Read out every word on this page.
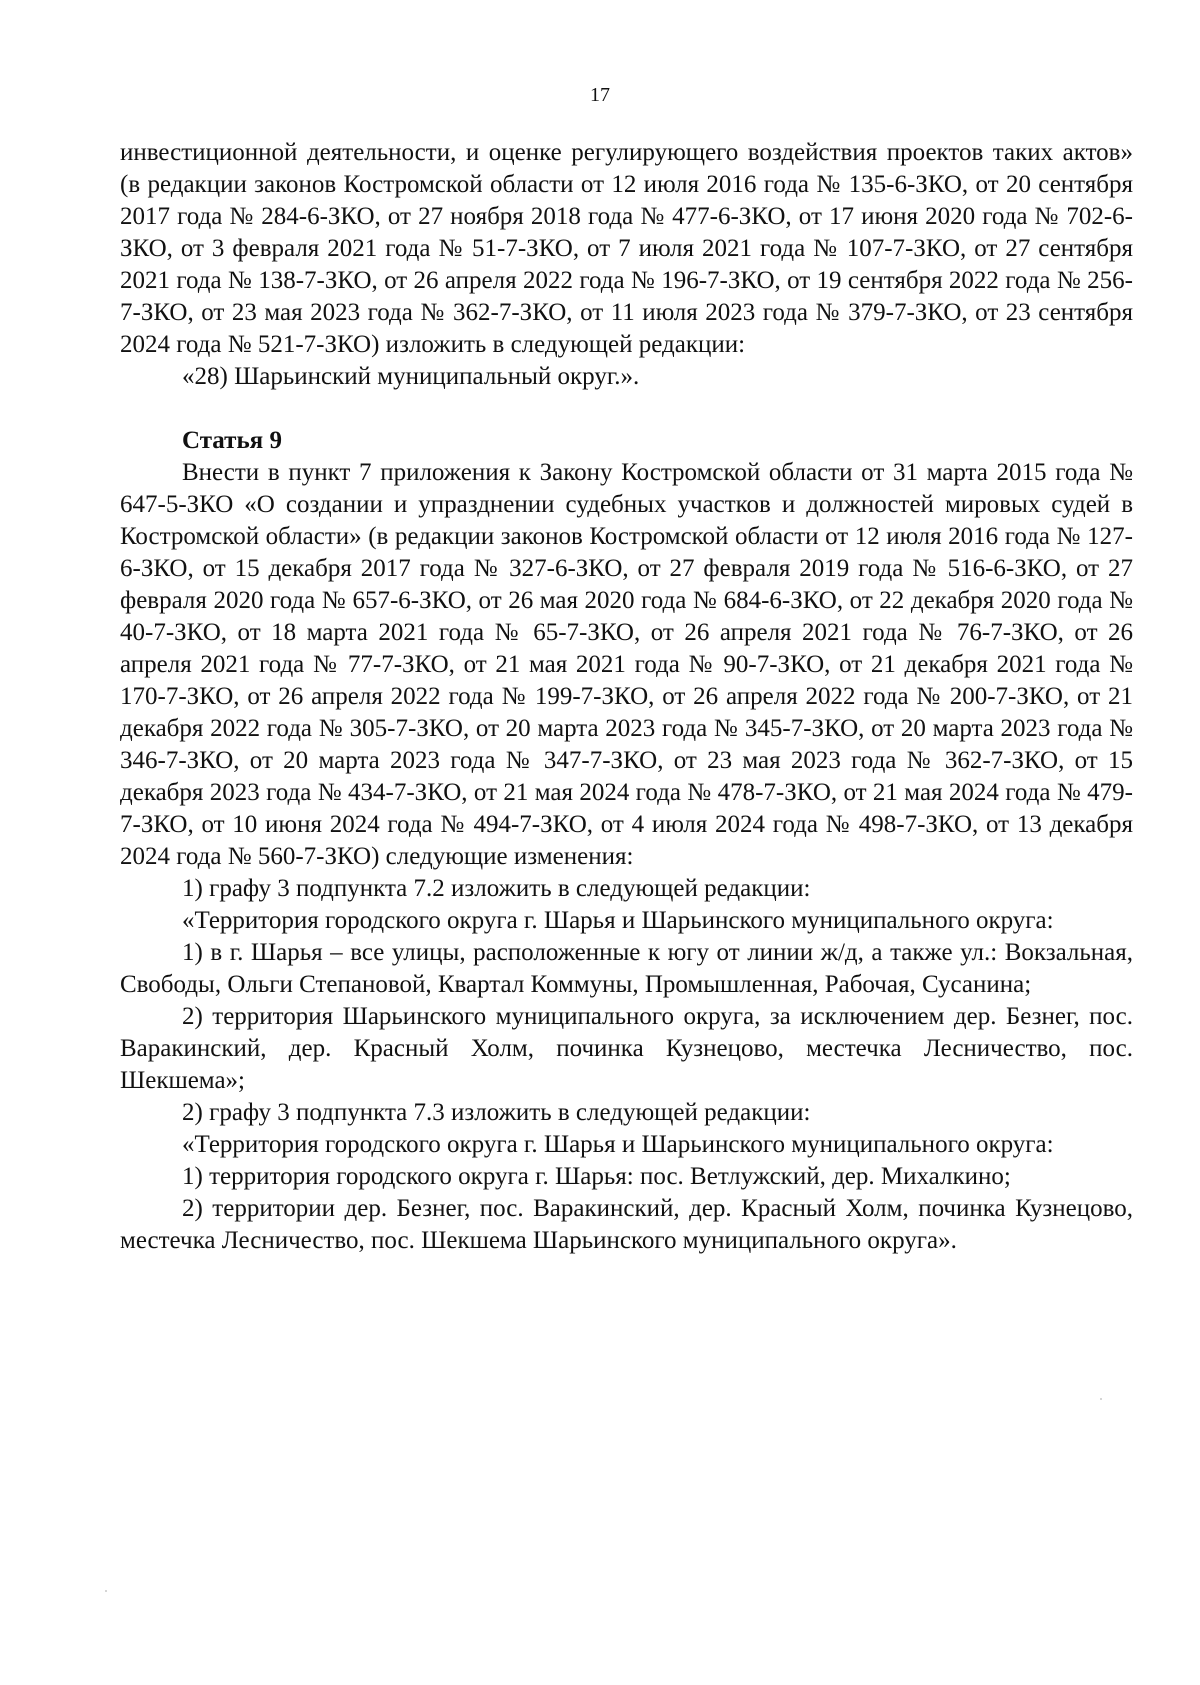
17

инвестиционной деятельности, и оценке регулирующего воздействия проектов таких актов» (в редакции законов Костромской области от 12 июля 2016 года № 135-6-ЗКО, от 20 сентября 2017 года № 284-6-ЗКО, от 27 ноября 2018 года № 477-6-ЗКО, от 17 июня 2020 года № 702-6-ЗКО, от 3 февраля 2021 года № 51-7-ЗКО, от 7 июля 2021 года № 107-7-ЗКО, от 27 сентября 2021 года № 138-7-ЗКО, от 26 апреля 2022 года № 196-7-ЗКО, от 19 сентября 2022 года № 256-7-ЗКО, от 23 мая 2023 года № 362-7-ЗКО, от 11 июля 2023 года № 379-7-ЗКО, от 23 сентября 2024 года № 521-7-ЗКО) изложить в следующей редакции:

«28) Шарьинский муниципальный округ.».

Статья 9

Внести в пункт 7 приложения к Закону Костромской области от 31 марта 2015 года № 647-5-ЗКО «О создании и упразднении судебных участков и должностей мировых судей в Костромской области» (в редакции законов Костромской области от 12 июля 2016 года № 127-6-ЗКО, от 15 декабря 2017 года № 327-6-ЗКО, от 27 февраля 2019 года № 516-6-ЗКО, от 27 февраля 2020 года № 657-6-ЗКО, от 26 мая 2020 года № 684-6-ЗКО, от 22 декабря 2020 года № 40-7-ЗКО, от 18 марта 2021 года № 65-7-ЗКО, от 26 апреля 2021 года № 76-7-ЗКО, от 26 апреля 2021 года № 77-7-ЗКО, от 21 мая 2021 года № 90-7-ЗКО, от 21 декабря 2021 года № 170-7-ЗКО, от 26 апреля 2022 года № 199-7-ЗКО, от 26 апреля 2022 года № 200-7-ЗКО, от 21 декабря 2022 года № 305-7-ЗКО, от 20 марта 2023 года № 345-7-ЗКО, от 20 марта 2023 года № 346-7-ЗКО, от 20 марта 2023 года № 347-7-ЗКО, от 23 мая 2023 года № 362-7-ЗКО, от 15 декабря 2023 года № 434-7-ЗКО, от 21 мая 2024 года № 478-7-ЗКО, от 21 мая 2024 года № 479-7-ЗКО, от 10 июня 2024 года № 494-7-ЗКО, от 4 июля 2024 года № 498-7-ЗКО, от 13 декабря 2024 года № 560-7-ЗКО) следующие изменения:

1) графу 3 подпункта 7.2 изложить в следующей редакции:

«Территория городского округа г. Шарья и Шарьинского муниципального округа:

1) в г. Шарья – все улицы, расположенные к югу от линии ж/д, а также ул.: Вокзальная, Свободы, Ольги Степановой, Квартал Коммуны, Промышленная, Рабочая, Сусанина;

2) территория Шарьинского муниципального округа, за исключением дер. Безнег, пос. Варакинский, дер. Красный Холм, починка Кузнецово, местечка Лесничество, пос. Шекшема»;

2) графу 3 подпункта 7.3 изложить в следующей редакции:

«Территория городского округа г. Шарья и Шарьинского муниципального округа:

1) территория городского округа г. Шарья: пос. Ветлужский, дер. Михалкино;

2) территории дер. Безнег, пос. Варакинский, дер. Красный Холм, починка Кузнецово, местечка Лесничество, пос. Шекшема Шарьинского муниципального округа».
